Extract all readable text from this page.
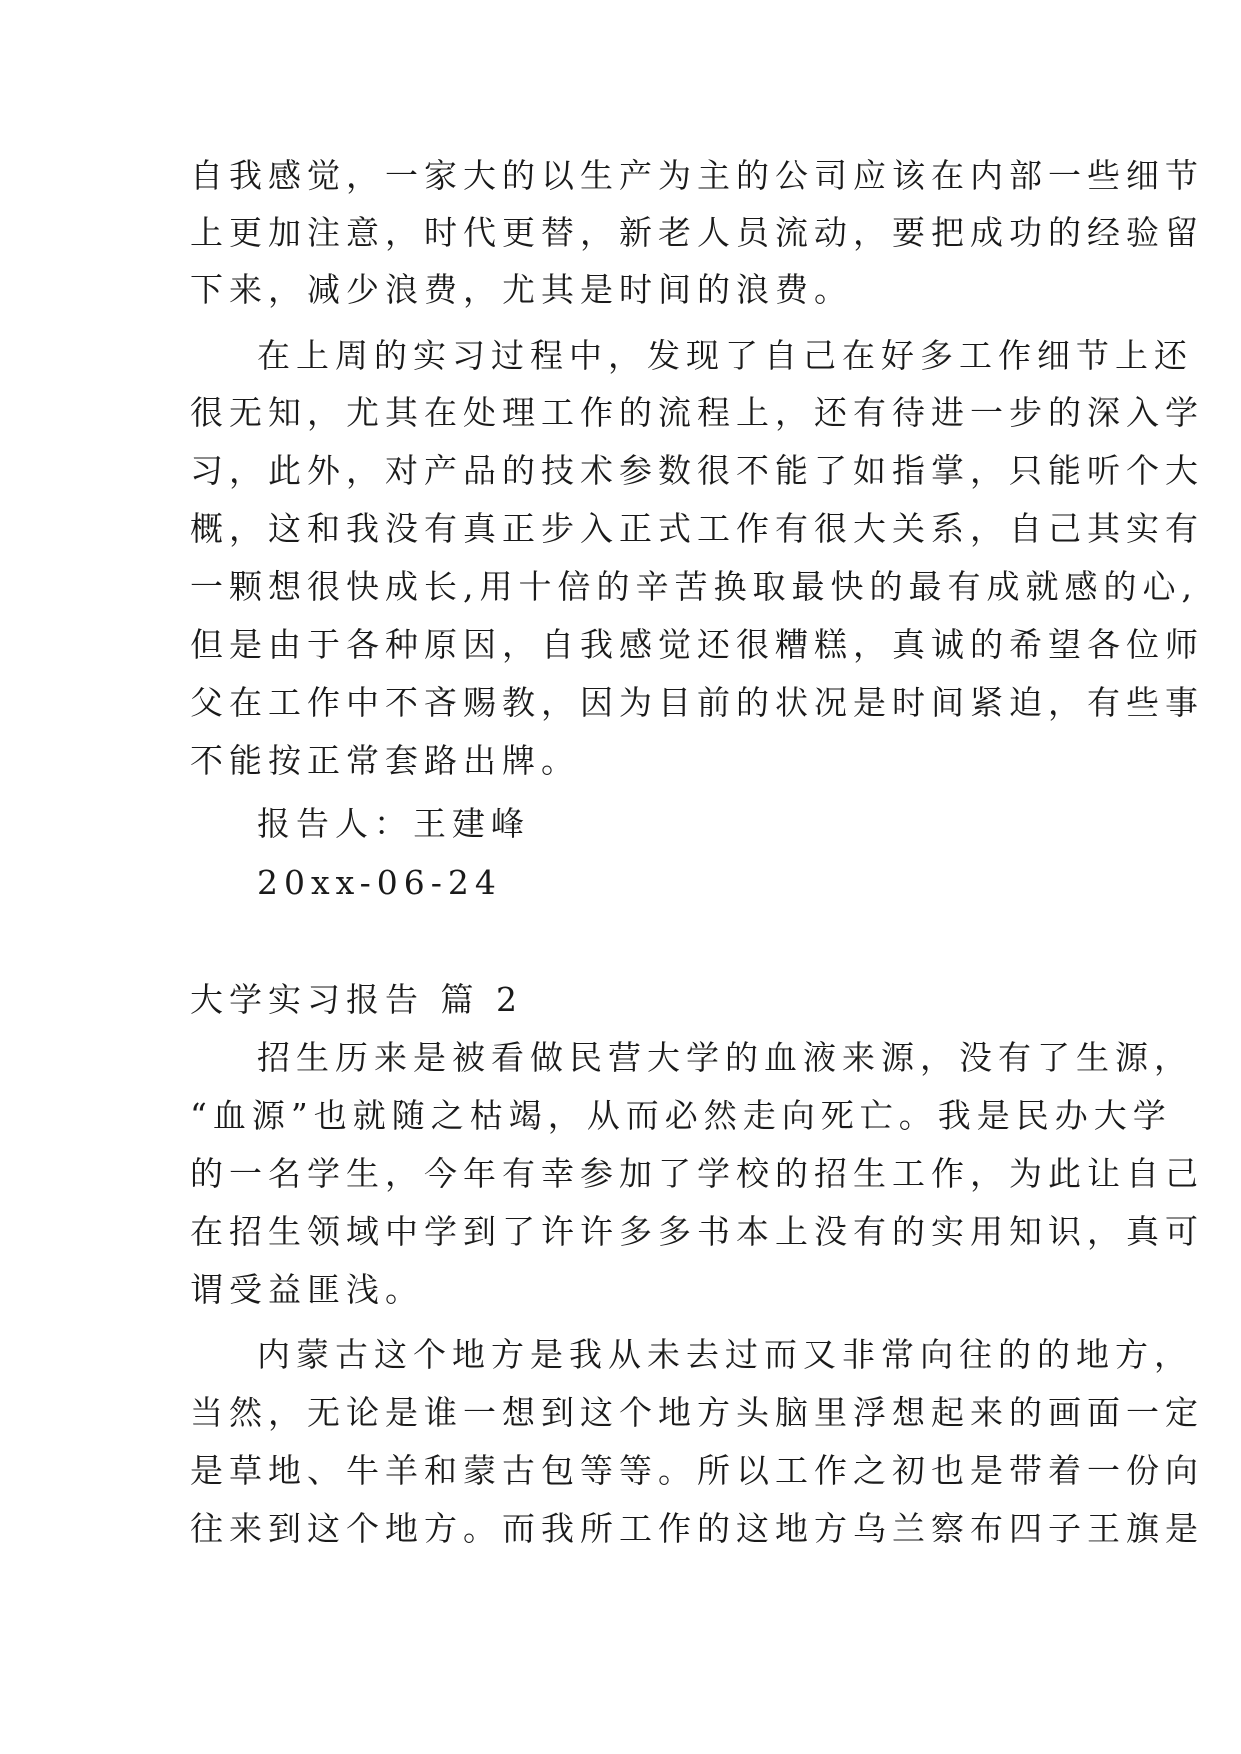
自我感觉，一家大的以生产为主的公司应该在内部一些细节
上更加注意，时代更替，新老人员流动，要把成功的经验留
下来，减少浪费，尤其是时间的浪费。
在上周的实习过程中，发现了自己在好多工作细节上还
很无知，尤其在处理工作的流程上，还有待进一步的深入学
习，此外，对产品的技术参数很不能了如指掌，只能听个大
概，这和我没有真正步入正式工作有很大关系，自己其实有
一颗想很快成长,用十倍的辛苦换取最快的最有成就感的心,
但是由于各种原因，自我感觉还很糟糕，真诚的希望各位师
父在工作中不吝赐教，因为目前的状况是时间紧迫，有些事
不能按正常套路出牌。
报告人：王建峰
20xx-06-24
大学实习报告 篇 2
招生历来是被看做民营大学的血液来源，没有了生源，
“血源”也就随之枯竭，从而必然走向死亡。我是民办大学
的一名学生，今年有幸参加了学校的招生工作，为此让自己
在招生领域中学到了许许多多书本上没有的实用知识，真可
谓受益匪浅。
内蒙古这个地方是我从未去过而又非常向往的的地方，
当然，无论是谁一想到这个地方头脑里浮想起来的画面一定
是草地、牛羊和蒙古包等等。所以工作之初也是带着一份向
往来到这个地方。而我所工作的这地方乌兰察布四子王旗是
